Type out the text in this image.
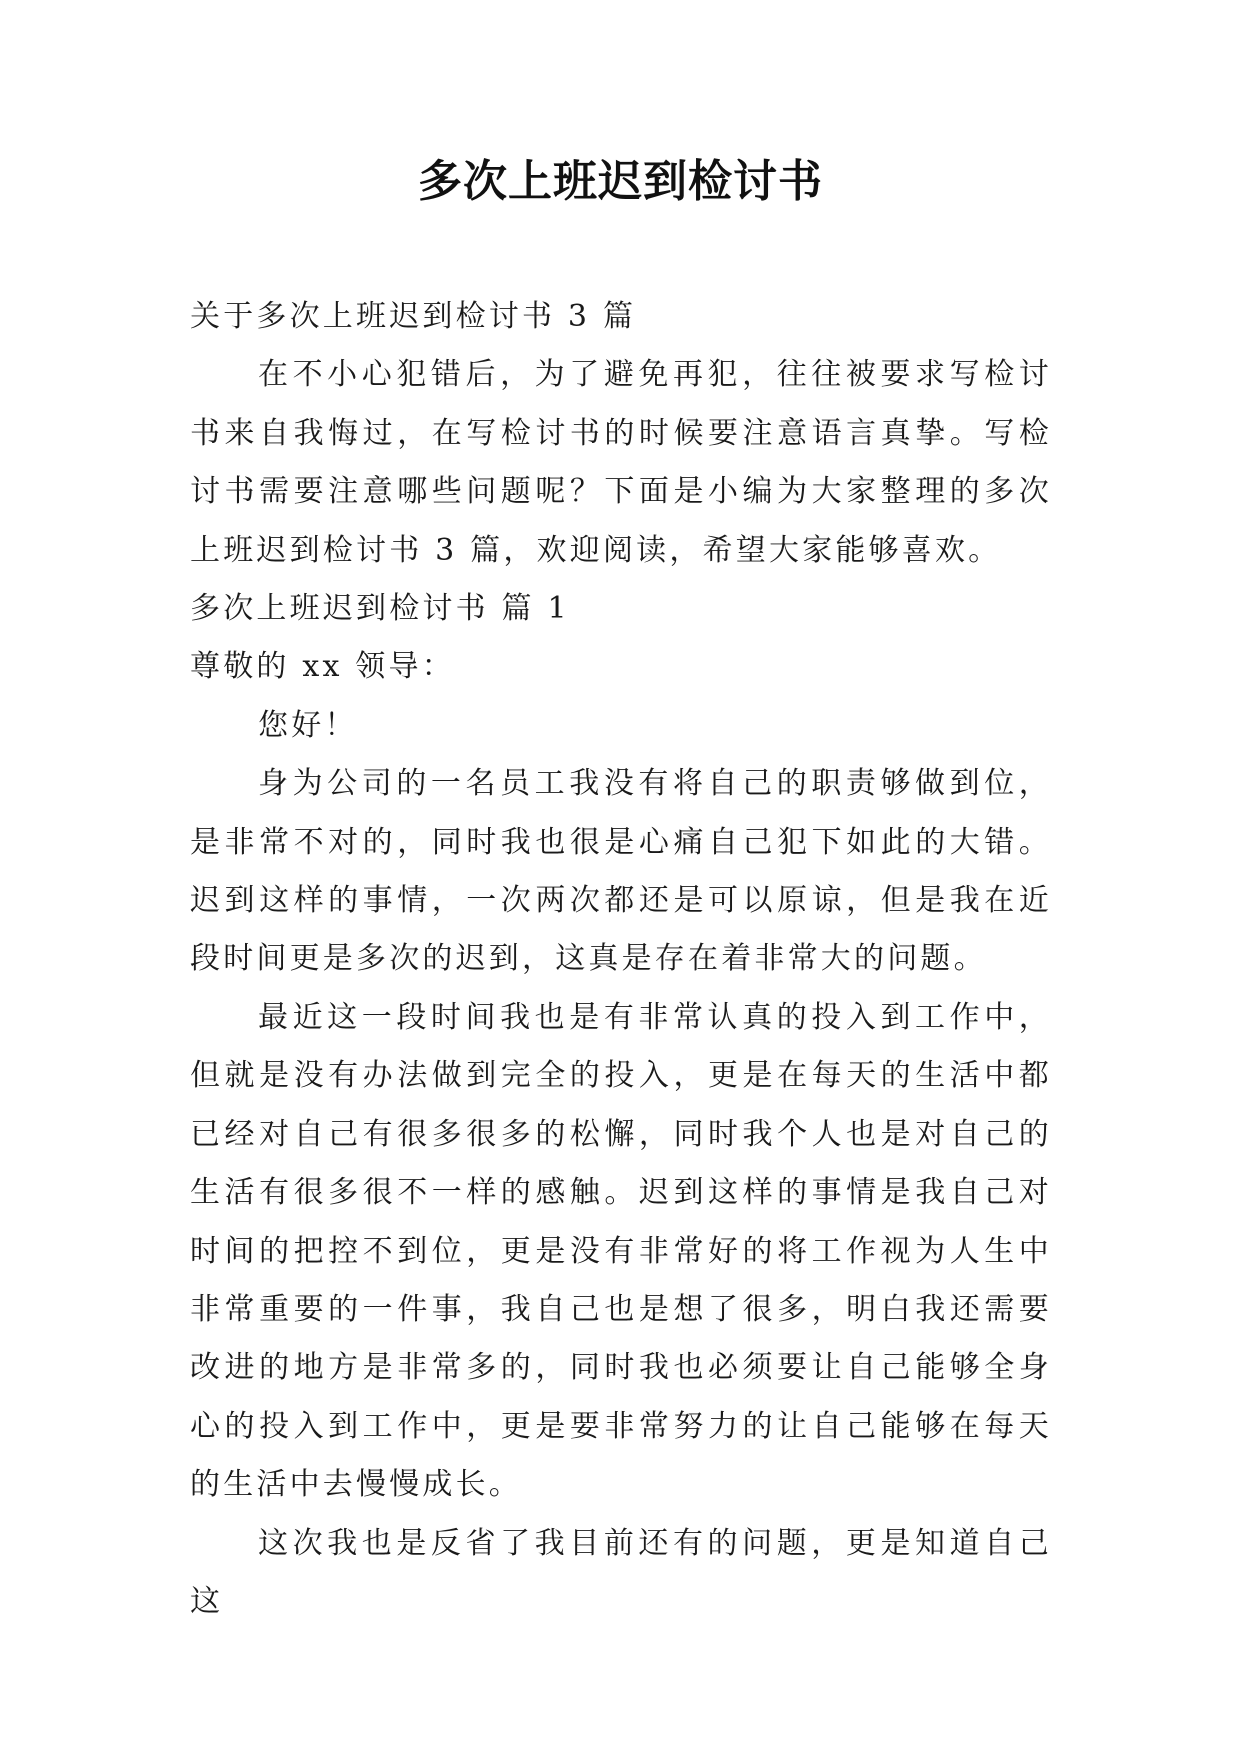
多次上班迟到检讨书

关于多次上班迟到检讨书 3 篇

在不小心犯错后，为了避免再犯，往往被要求写检讨书来自我悔过，在写检讨书的时候要注意语言真挚。写检讨书需要注意哪些问题呢？下面是小编为大家整理的多次上班迟到检讨书 3 篇，欢迎阅读，希望大家能够喜欢。

多次上班迟到检讨书 篇 1

尊敬的 xx 领导：

您好！

身为公司的一名员工我没有将自己的职责够做到位，是非常不对的，同时我也很是心痛自己犯下如此的大错。迟到这样的事情，一次两次都还是可以原谅，但是我在近段时间更是多次的迟到，这真是存在着非常大的问题。

最近这一段时间我也是有非常认真的投入到工作中，但就是没有办法做到完全的投入，更是在每天的生活中都已经对自己有很多很多的松懈，同时我个人也是对自己的生活有很多很不一样的感触。迟到这样的事情是我自己对时间的把控不到位，更是没有非常好的将工作视为人生中非常重要的一件事，我自己也是想了很多，明白我还需要改进的地方是非常多的，同时我也必须要让自己能够全身心的投入到工作中，更是要非常努力的让自己能够在每天的生活中去慢慢成长。

这次我也是反省了我目前还有的问题，更是知道自己这
